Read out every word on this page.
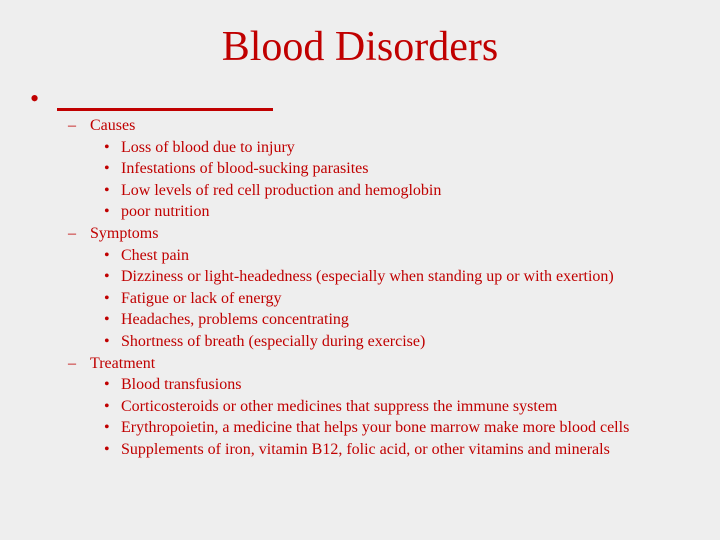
Blood Disorders
•
– Causes
• Loss of blood due to injury
• Infestations of blood-sucking parasites
• Low levels of red cell production and hemoglobin
• poor nutrition
– Symptoms
• Chest pain
• Dizziness or light-headedness (especially when standing up or with exertion)
• Fatigue or lack of energy
• Headaches, problems concentrating
• Shortness of breath (especially during exercise)
– Treatment
• Blood transfusions
• Corticosteroids or other medicines that suppress the immune system
• Erythropoietin, a medicine that helps your bone marrow make more blood cells
• Supplements of iron, vitamin B12, folic acid, or other vitamins and minerals
